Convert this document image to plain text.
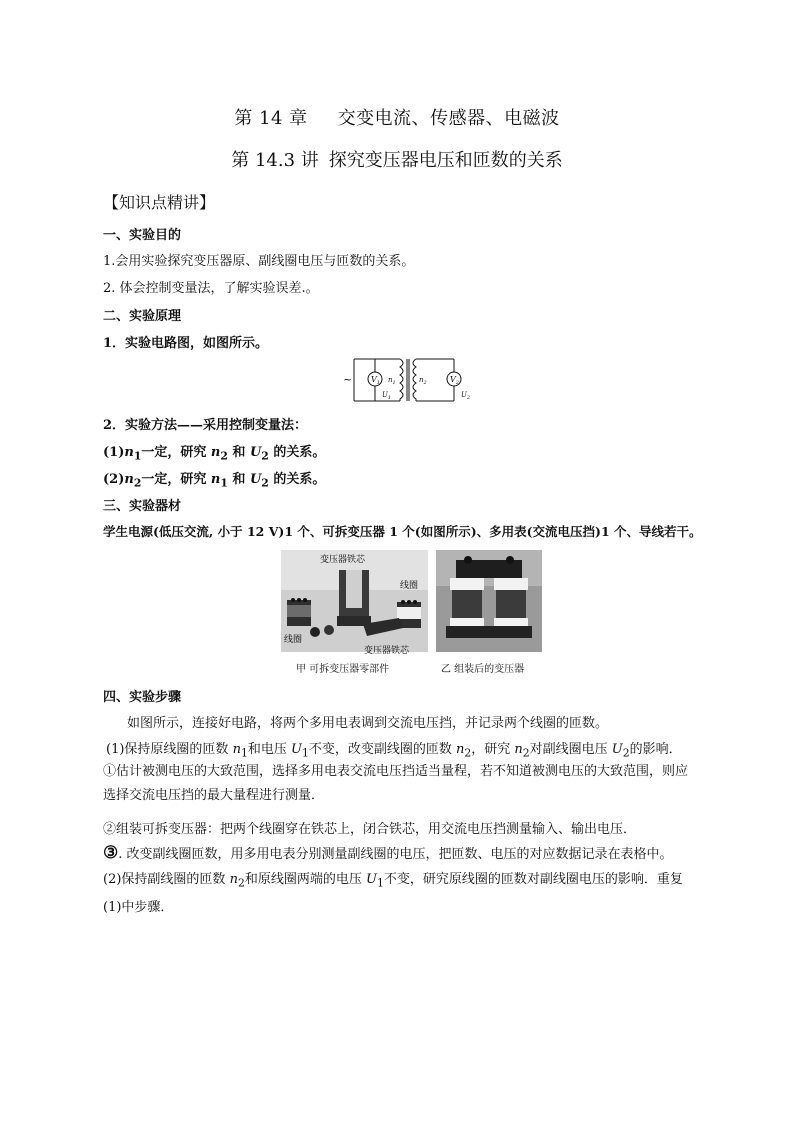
第 14 章 交变电流、传感器、电磁波
第 14.3 讲 探究变压器电压和匝数的关系
【知识点精讲】
一、实验目的
1.会用实验探究变压器原、副线圈电压与匝数的关系。
2. 体会控制变量法，了解实验误差.。
二、实验原理
1．实验电路图，如图所示。
~ $V_1$	$V_2$
$n_1$	$n_2$
$U_1$	$U_2$
2．实验方法——采用控制变量法：
$(1)n_1$一定，研究 $n_2$ 和 $U_2$ 的关系。
$(2)n_2$一定，研究 $n_1$ 和 $U_2$ 的关系。
三、实验器材
学生电源(低压交流, 小于 12 V)1 个、可拆变压器 1 个(如图所示)、多用表(交流电压挡)1 个、导线若干。
变压器铁芯
线圈
线圈
变压器铁芯
甲 可拆变压器零部件	乙 组装后的变压器
四、实验步骤
如图所示，连接好电路，将两个多用电表调到交流电压挡，并记录两个线圈的匝数。
(1)保持原线圈的匝数 $n_1$和电压 $U_1$不变，改变副线圈的匝数 $n_2$，研究 $n_2$对副线圈电压 $U_2$的影响．
①估计被测电压的大致范围，选择多用电表交流电压挡适当量程，若不知道被测电压的大致范围，则应选择交流电压挡的最大量程进行测量．
②组装可拆变压器：把两个线圈穿在铁芯上，闭合铁芯，用交流电压挡测量输入、输出电压．
③. 改变副线圈匝数，用多用电表分别测量副线圈的电压，把匝数、电压的对应数据记录在表格中。
(2)保持副线圈的匝数 $n_2$和原线圈两端的电压 $U_1$不变，研究原线圈的匝数对副线圈电压的影响．重复(1)中步骤．
